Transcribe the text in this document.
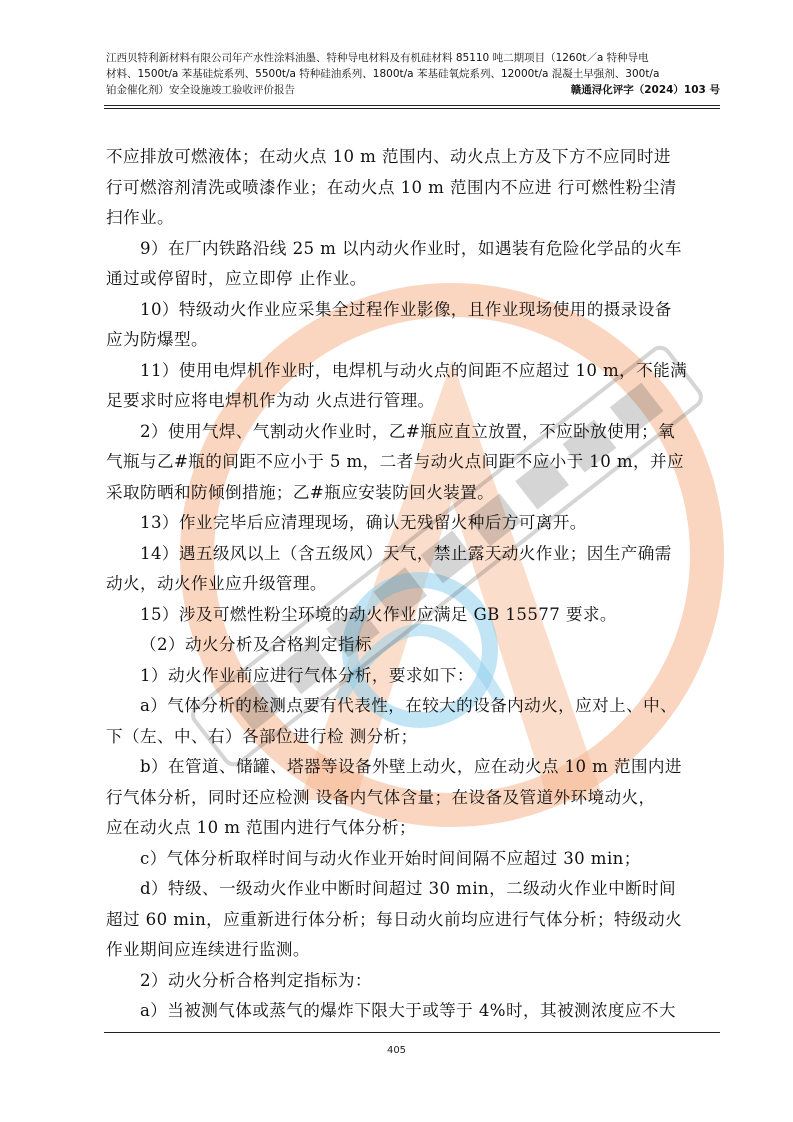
江西贝特利新材料有限公司年产水性涂料油墨、特种导电材料及有机硅材料 85110 吨二期项目（1260t／a 特种导电
材料、1500t/a 苯基硅烷系列、5500t/a 特种硅油系列、1800t/a 苯基硅氧烷系列、12000t/a 混凝土早强剂、300t/a
铂金催化剂）安全设施竣工验收评价报告	赣通浔化评字（2024）103 号

不应排放可燃液体；在动火点 10 m 范围内、动火点上方及下方不应同时进

行可燃溶剂清洗或喷漆作业；在动火点 10 m 范围内不应进 行可燃性粉尘清

扫作业。

9）在厂内铁路沿线 25 m 以内动火作业时，如遇装有危险化学品的火车

通过或停留时，应立即停 止作业。

10）特级动火作业应采集全过程作业影像，且作业现场使用的摄录设备

应为防爆型。

11）使用电焊机作业时，电焊机与动火点的间距不应超过 10 m，不能满

足要求时应将电焊机作为动 火点进行管理。

2）使用气焊、气割动火作业时，乙#瓶应直立放置，不应卧放使用；氧

气瓶与乙#瓶的间距不应小于 5 m，二者与动火点间距不应小于 10 m，并应

采取防晒和防倾倒措施；乙#瓶应安装防回火装置。

13）作业完毕后应清理现场，确认无残留火种后方可离开。

14）遇五级风以上（含五级风）天气，禁止露天动火作业；因生产确需

动火，动火作业应升级管理。

15）涉及可燃性粉尘环境的动火作业应满足 GB 15577 要求。

（2）动火分析及合格判定指标

1）动火作业前应进行气体分析，要求如下：

a）气体分析的检测点要有代表性，在较大的设备内动火，应对上、中、

下（左、中、右）各部位进行检 测分析；

b）在管道、储罐、塔器等设备外壁上动火，应在动火点 10 m 范围内进

行气体分析，同时还应检测 设备内气体含量；在设备及管道外环境动火，

应在动火点 10 m 范围内进行气体分析；

c）气体分析取样时间与动火作业开始时间间隔不应超过 30 min；

d）特级、一级动火作业中断时间超过 30 min，二级动火作业中断时间

超过 60 min，应重新进行体分析；每日动火前均应进行气体分析；特级动火

作业期间应连续进行监测。

2）动火分析合格判定指标为：

a）当被测气体或蒸气的爆炸下限大于或等于 4%时，其被测浓度应不大

405
